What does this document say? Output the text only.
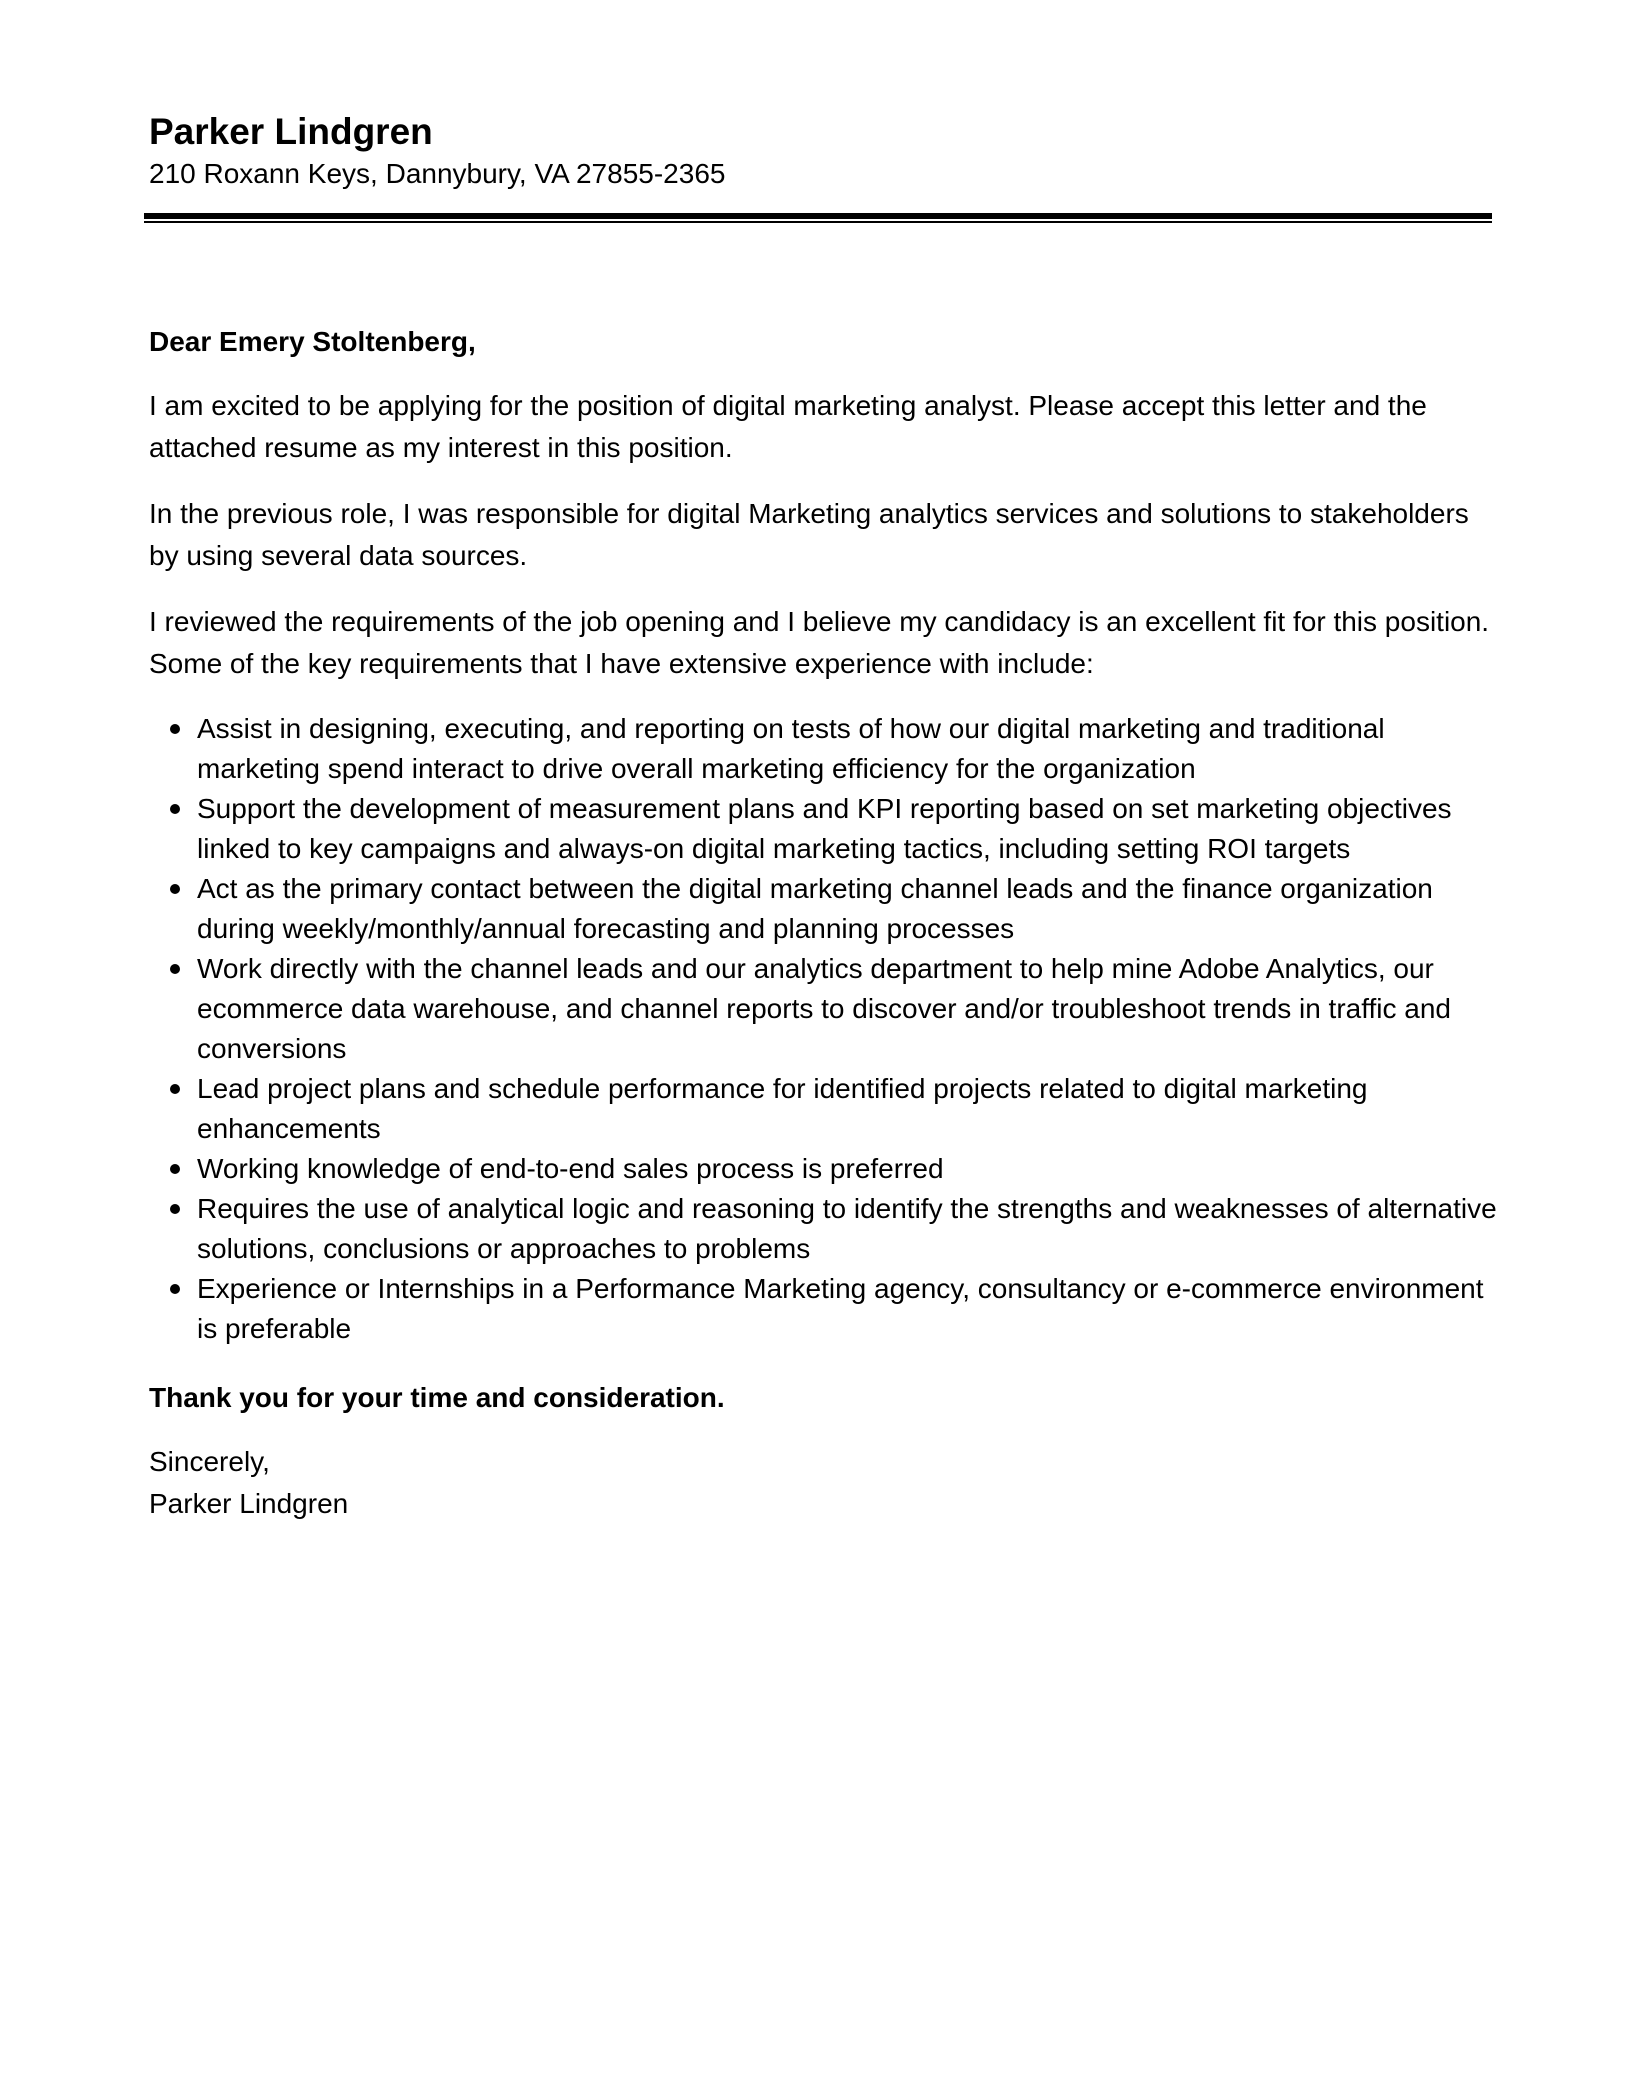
Parker Lindgren

210 Roxann Keys, Dannybury, VA 27855-2365

Dear Emery Stoltenberg,

I am excited to be applying for the position of digital marketing analyst. Please accept this letter and the attached resume as my interest in this position.

In the previous role, I was responsible for digital Marketing analytics services and solutions to stakeholders by using several data sources.

I reviewed the requirements of the job opening and I believe my candidacy is an excellent fit for this position. Some of the key requirements that I have extensive experience with include:

Assist in designing, executing, and reporting on tests of how our digital marketing and traditional marketing spend interact to drive overall marketing efficiency for the organization
Support the development of measurement plans and KPI reporting based on set marketing objectives linked to key campaigns and always-on digital marketing tactics, including setting ROI targets
Act as the primary contact between the digital marketing channel leads and the finance organization during weekly/monthly/annual forecasting and planning processes
Work directly with the channel leads and our analytics department to help mine Adobe Analytics, our ecommerce data warehouse, and channel reports to discover and/or troubleshoot trends in traffic and conversions
Lead project plans and schedule performance for identified projects related to digital marketing enhancements
Working knowledge of end-to-end sales process is preferred
Requires the use of analytical logic and reasoning to identify the strengths and weaknesses of alternative solutions, conclusions or approaches to problems
Experience or Internships in a Performance Marketing agency, consultancy or e-commerce environment is preferable

Thank you for your time and consideration.

Sincerely,

Parker Lindgren
